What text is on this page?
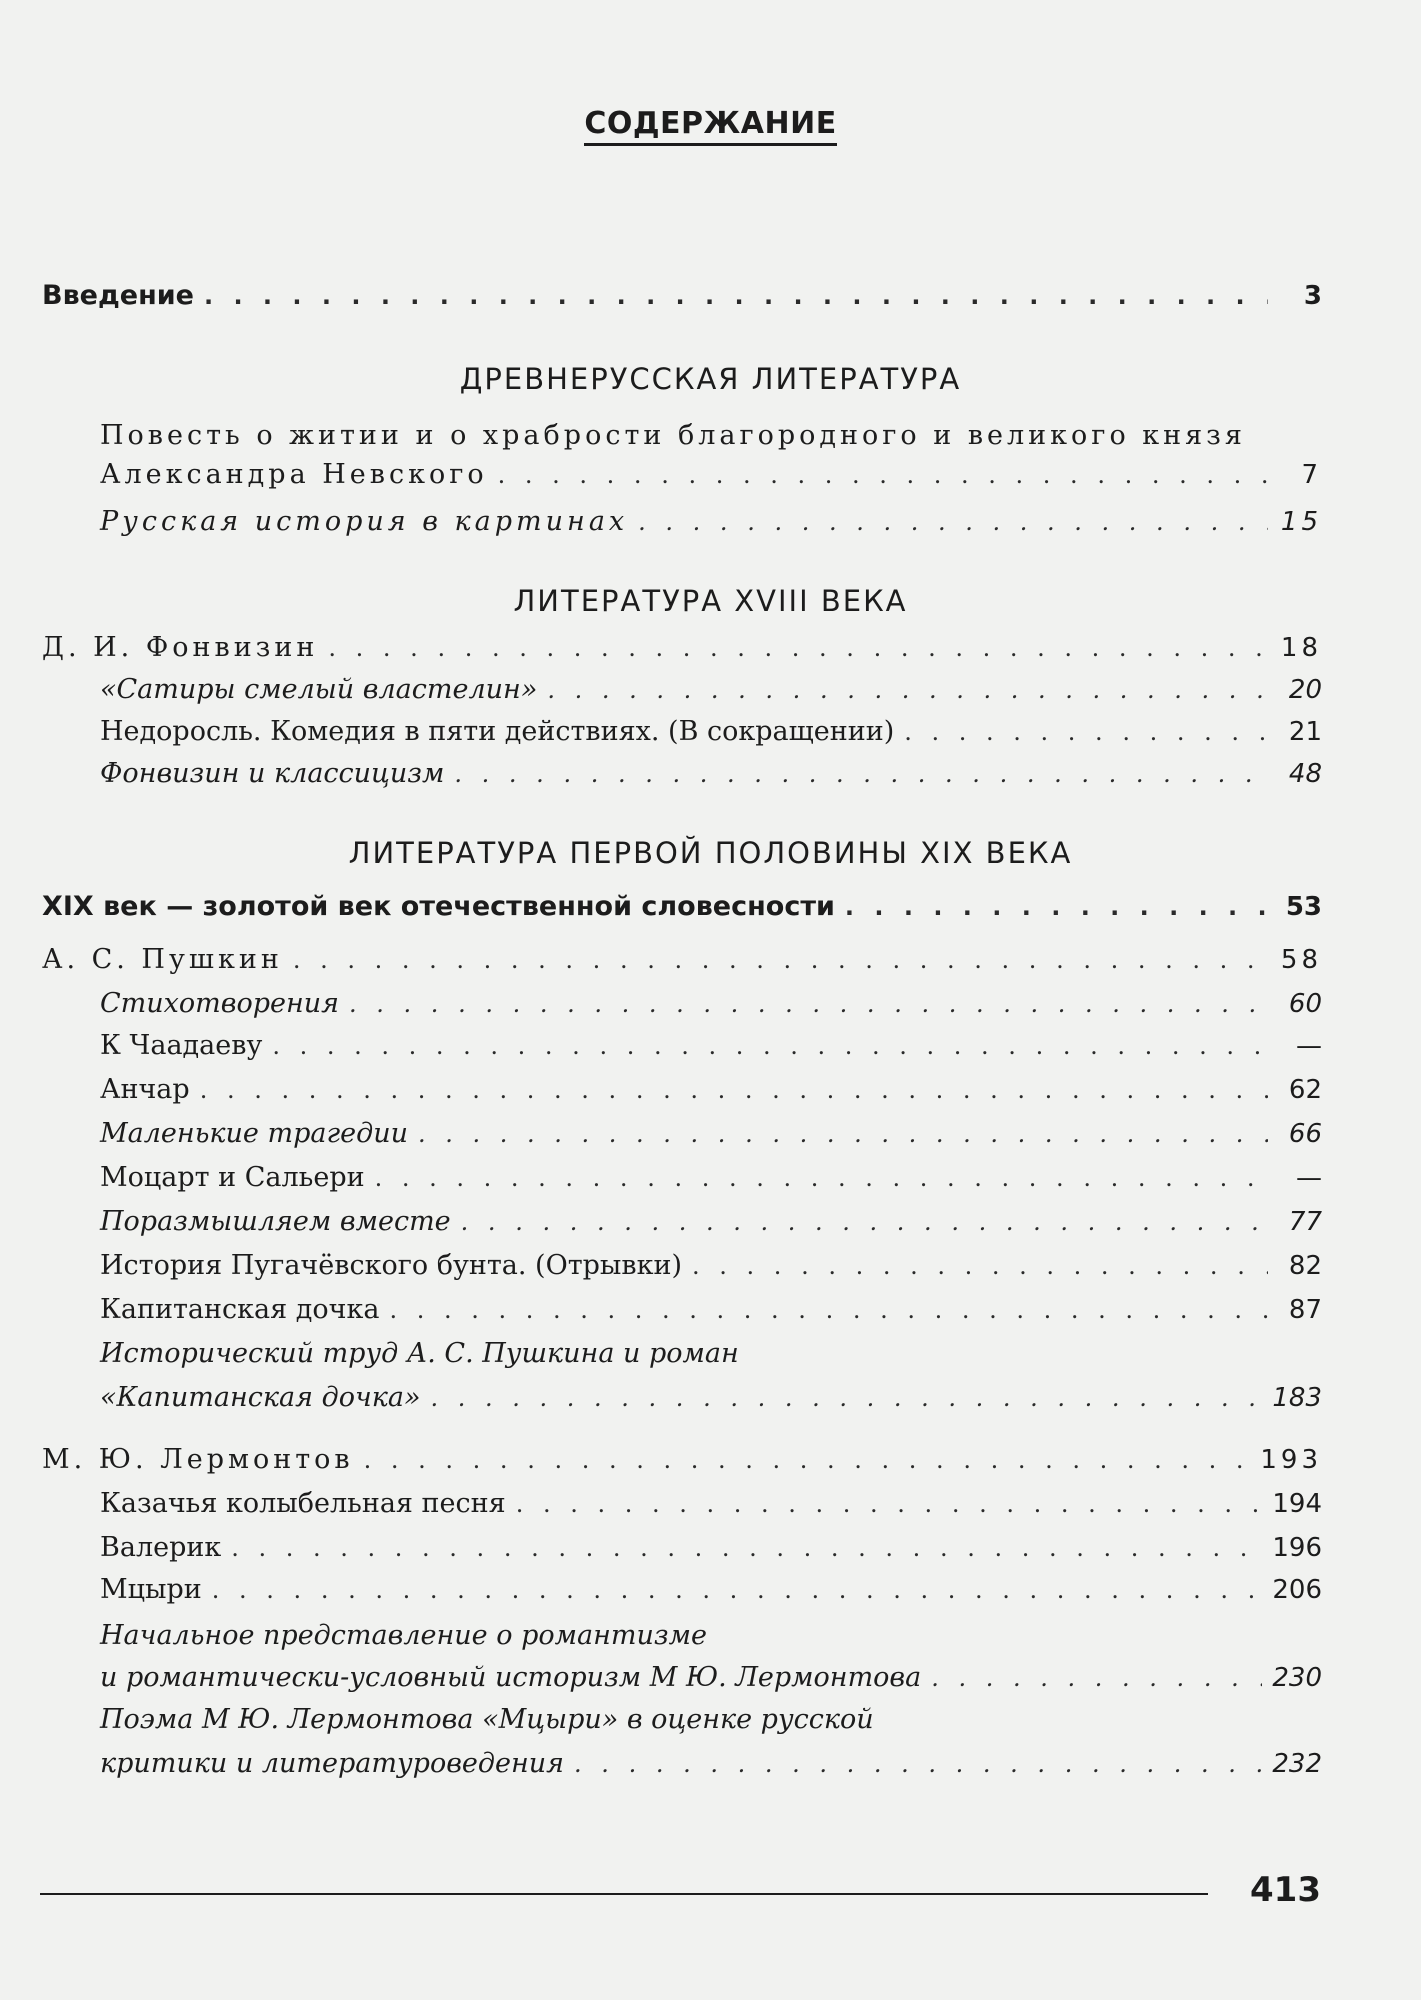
СОДЕРЖАНИЕ
Введение . . .	3
ДРЕВНЕРУССКАЯ ЛИТЕРАТУРА
Повесть о житии и о храбрости благородного и великого князя
Александра Невского . . .	7
Русская история в картинах . . .	15
ЛИТЕРАТУРА XVIII ВЕКА
Д. И. Фонвизин . . .	18
«Сатиры смелый властелин» . . .	20
Недоросль. Комедия в пяти действиях. (В сокращении) . . .	21
Фонвизин и классицизм . . .	48
ЛИТЕРАТУРА ПЕРВОЙ ПОЛОВИНЫ XIX ВЕКА
XIX век — золотой век отечественной словесности . . .	53
А. С. Пушкин . . .	58
Стихотворения . . .	60
К Чаадаеву . . .	—
Анчар . . .	62
Маленькие трагедии . . .	66
Моцарт и Сальери . . .	—
Поразмышляем вместе . . .	77
История Пугачёвского бунта. (Отрывки) . . .	82
Капитанская дочка . . .	87
Исторический труд А. С. Пушкина и роман
«Капитанская дочка» . . .	183
М. Ю. Лермонтов . . .	193
Казачья колыбельная песня . . .	194
Валерик . . .	196
Мцыри . . .	206
Начальное представление о романтизме
и романтически-условный историзм М Ю. Лермонтова . . .	230
Поэма М Ю. Лермонтова «Мцыри» в оценке русской
критики и литературоведения . . .	232
413
